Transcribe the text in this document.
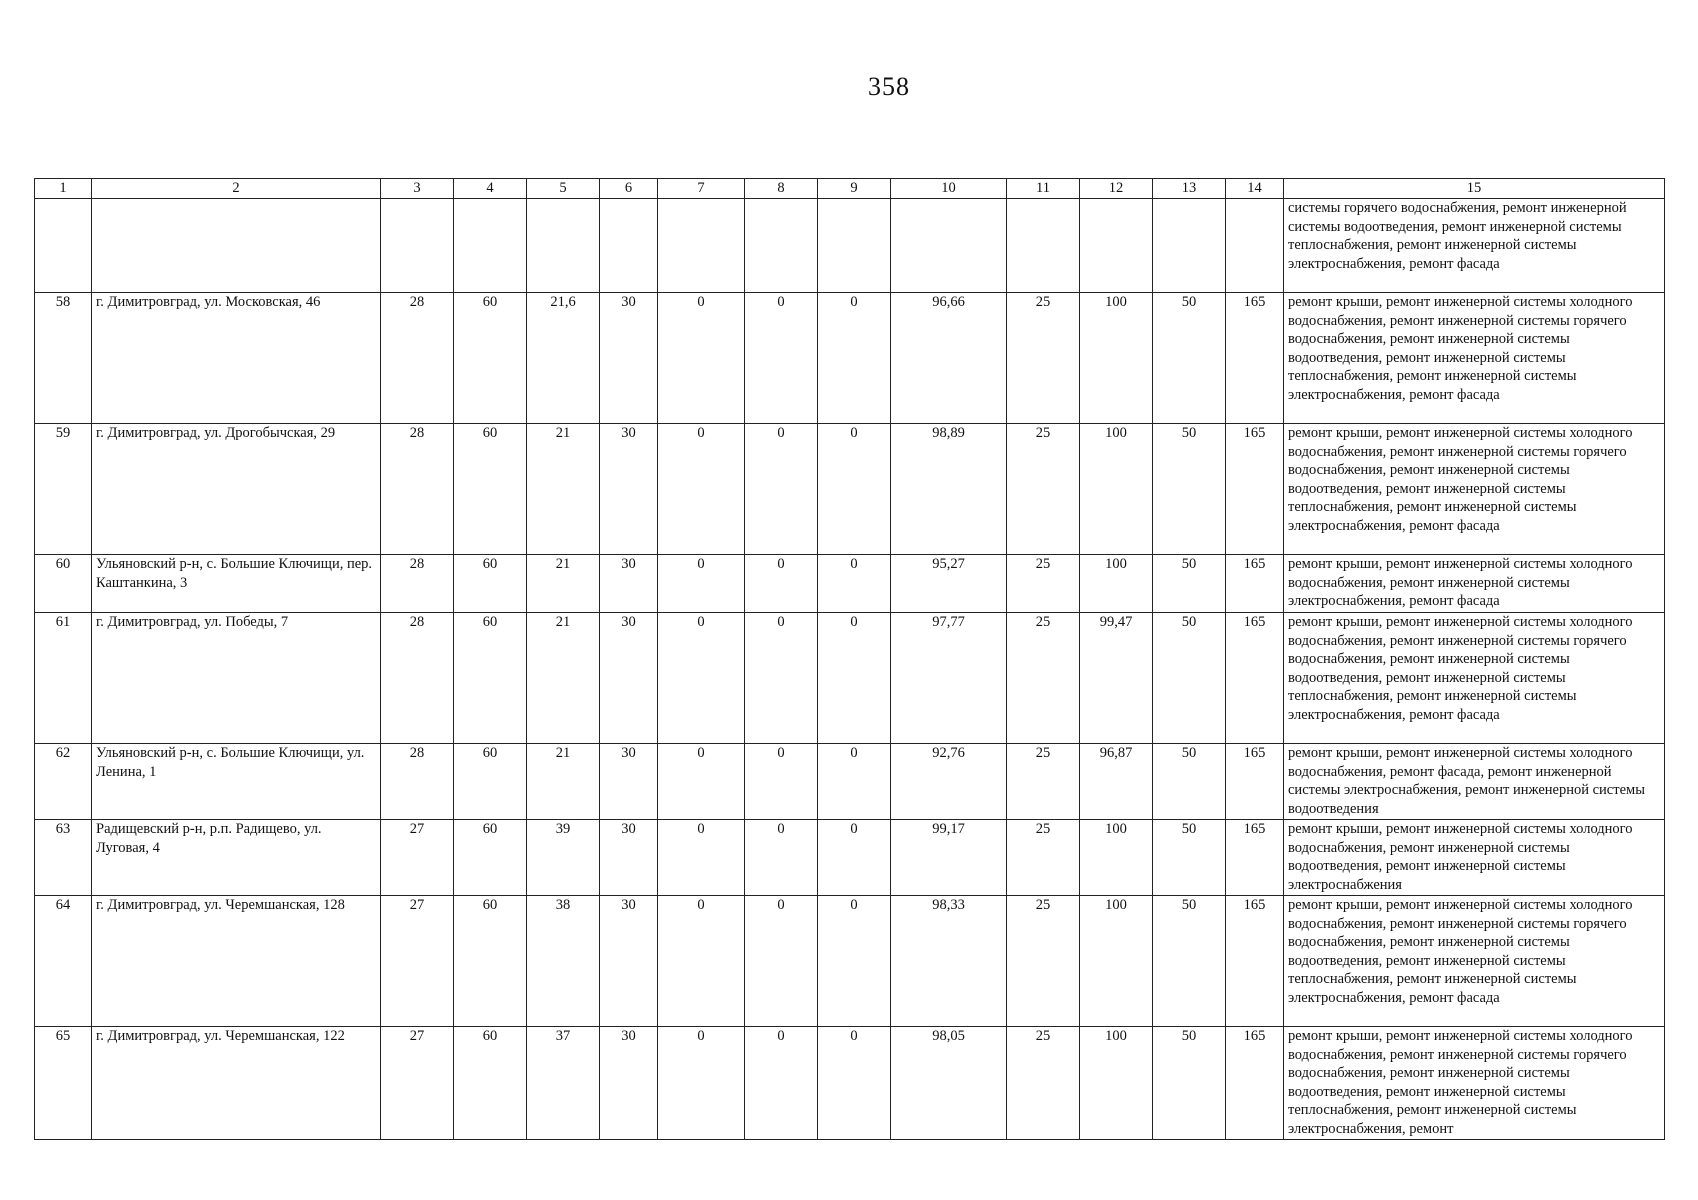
358
1	2	3	4	5	6	7	8	9	10	11	12	13	14	15
														системы горячего водоснабжения, ремонт инженерной системы водоотведения, ремонт инженерной системы теплоснабжения, ремонт инженерной системы электроснабжения, ремонт фасада
58	г. Димитровград, ул. Московская, 46	28	60	21,6	30	0	0	0	96,66	25	100	50	165	ремонт крыши, ремонт инженерной системы холодного водоснабжения, ремонт инженерной системы горячего водоснабжения, ремонт инженерной системы водоотведения, ремонт инженерной системы теплоснабжения, ремонт инженерной системы электроснабжения, ремонт фасада
59	г. Димитровград, ул. Дрогобычская, 29	28	60	21	30	0	0	0	98,89	25	100	50	165	ремонт крыши, ремонт инженерной системы холодного водоснабжения, ремонт инженерной системы горячего водоснабжения, ремонт инженерной системы водоотведения, ремонт инженерной системы теплоснабжения, ремонт инженерной системы электроснабжения, ремонт фасада
60	Ульяновский р-н, с. Большие Ключищи, пер. Каштанкина, 3	28	60	21	30	0	0	0	95,27	25	100	50	165	ремонт крыши, ремонт инженерной системы холодного водоснабжения, ремонт инженерной системы электроснабжения, ремонт фасада
61	г. Димитровград, ул. Победы, 7	28	60	21	30	0	0	0	97,77	25	99,47	50	165	ремонт крыши, ремонт инженерной системы холодного водоснабжения, ремонт инженерной системы горячего водоснабжения, ремонт инженерной системы водоотведения, ремонт инженерной системы теплоснабжения, ремонт инженерной системы электроснабжения, ремонт фасада
62	Ульяновский р-н, с. Большие Ключищи, ул. Ленина, 1	28	60	21	30	0	0	0	92,76	25	96,87	50	165	ремонт крыши, ремонт инженерной системы холодного водоснабжения, ремонт фасада, ремонт инженерной системы электроснабжения, ремонт инженерной системы водоотведения
63	Радищевский р-н, р.п. Радищево, ул. Луговая, 4	27	60	39	30	0	0	0	99,17	25	100	50	165	ремонт крыши, ремонт инженерной системы холодного водоснабжения, ремонт инженерной системы водоотведения, ремонт инженерной системы электроснабжения
64	г. Димитровград, ул. Черемшанская, 128	27	60	38	30	0	0	0	98,33	25	100	50	165	ремонт крыши, ремонт инженерной системы холодного водоснабжения, ремонт инженерной системы горячего водоснабжения, ремонт инженерной системы водоотведения, ремонт инженерной системы теплоснабжения, ремонт инженерной системы электроснабжения, ремонт фасада
65	г. Димитровград, ул. Черемшанская, 122	27	60	37	30	0	0	0	98,05	25	100	50	165	ремонт крыши, ремонт инженерной системы холодного водоснабжения, ремонт инженерной системы горячего водоснабжения, ремонт инженерной системы водоотведения, ремонт инженерной системы теплоснабжения, ремонт инженерной системы электроснабжения, ремонт
